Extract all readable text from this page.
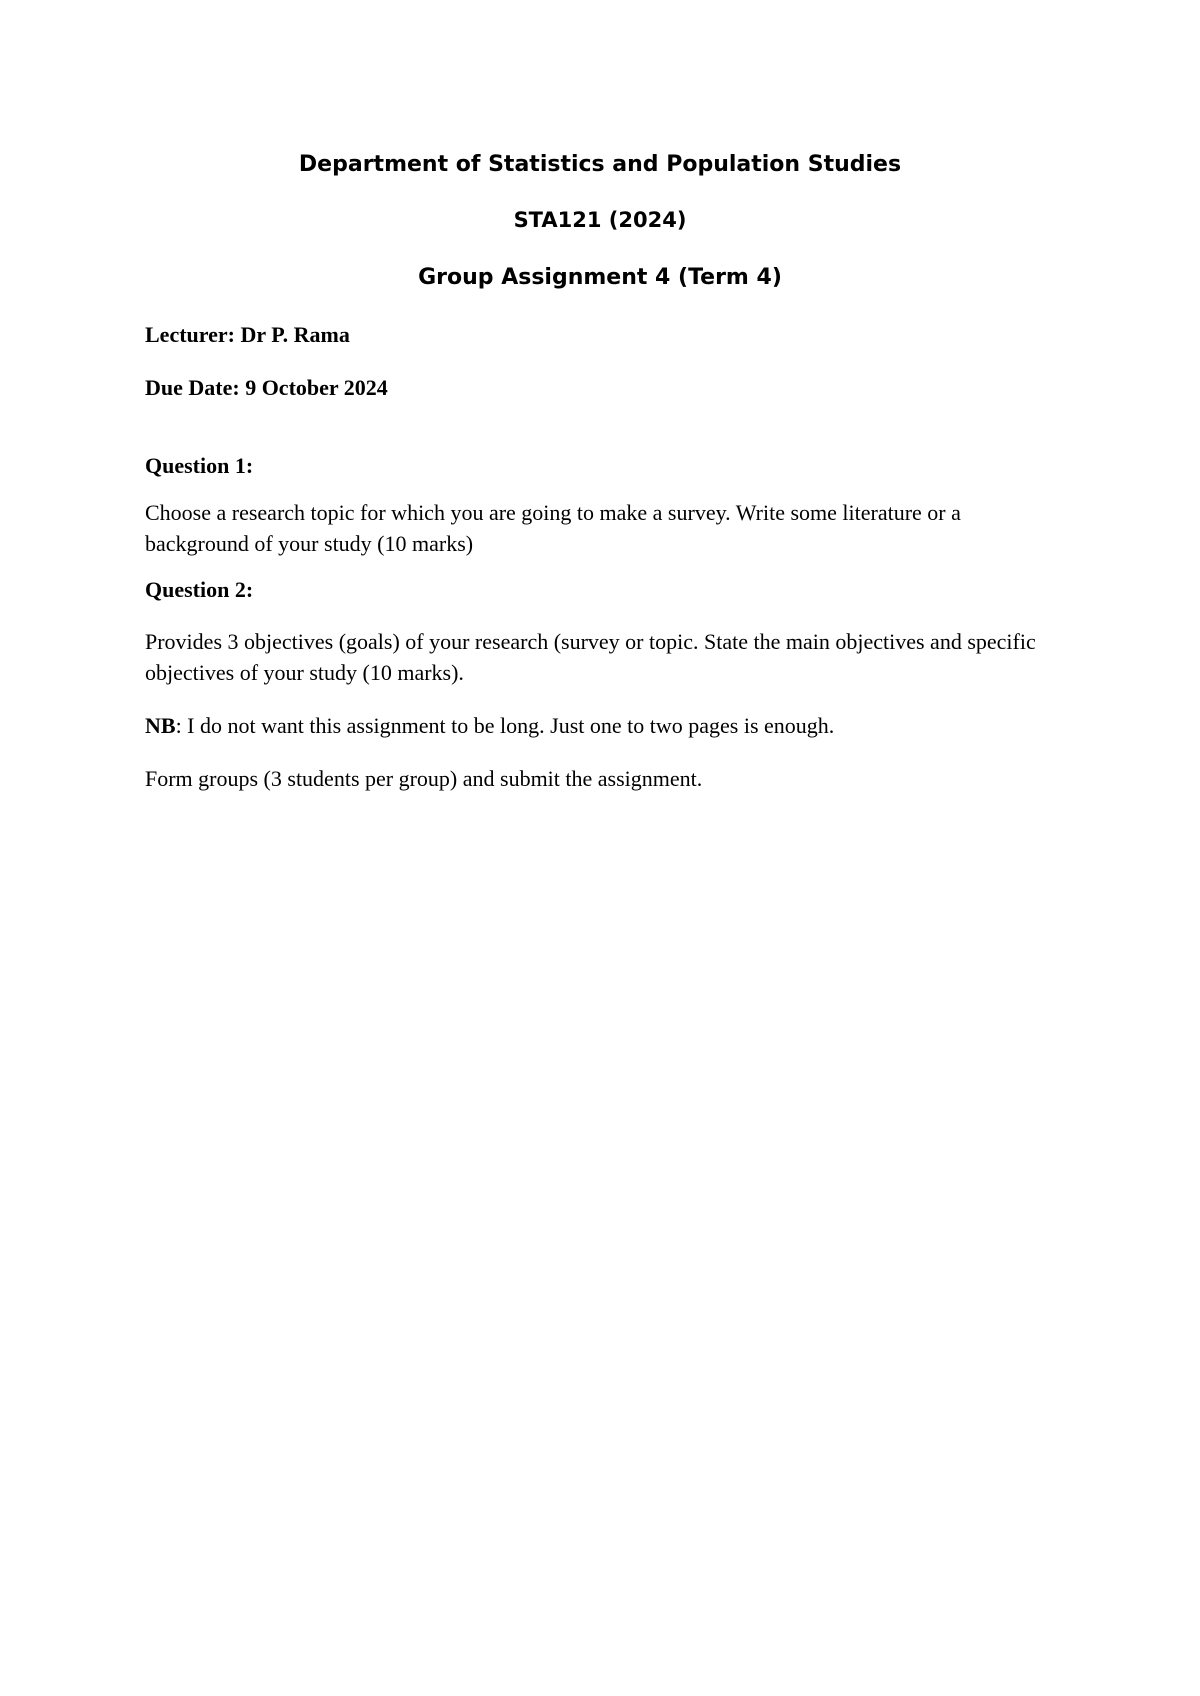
Department of Statistics and Population Studies
STA121 (2024)
Group Assignment 4 (Term 4)
Lecturer: Dr P. Rama
Due Date: 9 October 2024
Question 1:
Choose a research topic for which you are going to make a survey. Write some literature or a background of your study (10 marks)
Question 2:
Provides 3 objectives (goals) of your research (survey or topic. State the main objectives and specific objectives of your study (10 marks).
NB: I do not want this assignment to be long. Just one to two pages is enough.
Form groups (3 students per group) and submit the assignment.
